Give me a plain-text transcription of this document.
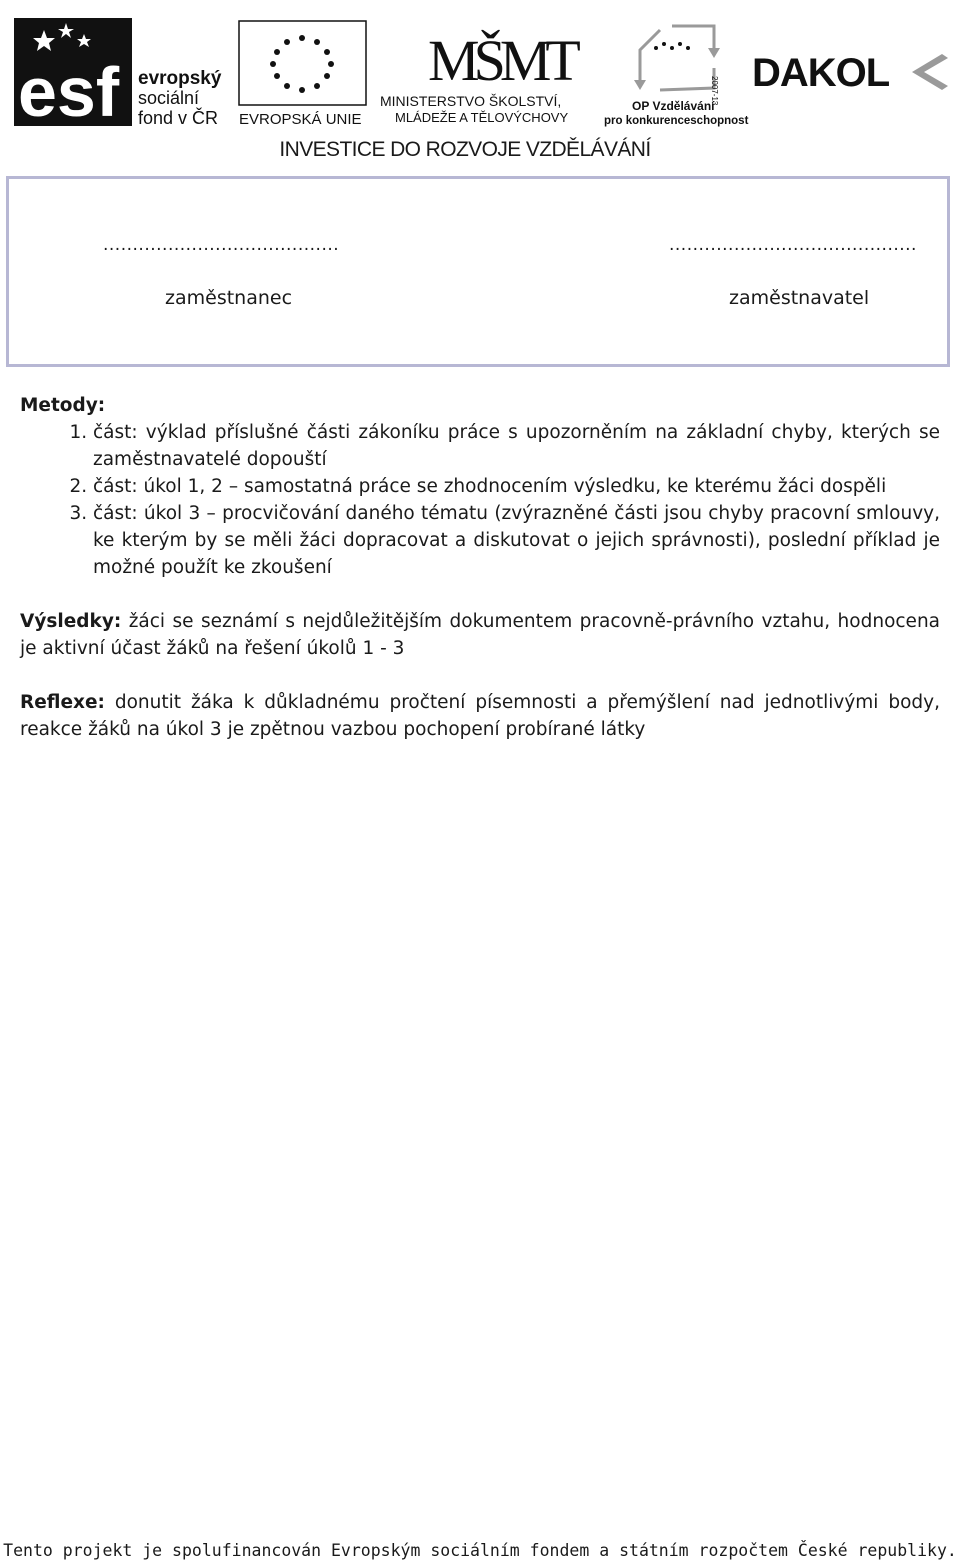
esf evropský
sociální
fond v ČR EVROPSKÁ UNIE
MŠMT
MINISTERSTVO ŠKOLSTVÍ,
MLÁDEŽE A TĚLOVÝCHOVY
2007-13
OP Vzdělávání
pro konkurenceschopnost
DAKOL
INVESTICE DO ROZVOJE VZDĚLÁVÁNÍ
........................................
zaměstnanec
..........................................
zaměstnavatel

Metody:

1. část: výklad příslušné části zákoníku práce s upozorněním na základní chyby, kterých se zaměstnavatelé dopouští
2. část: úkol 1, 2 – samostatná práce se zhodnocením výsledku, ke kterému žáci dospěli
3. část: úkol 3 – procvičování daného tématu (zvýrazněné části jsou chyby pracovní smlouvy, ke kterým by se měli žáci dopracovat a diskutovat o jejich správnosti), poslední příklad je možné použít ke zkoušení

Výsledky: žáci se seznámí s nejdůležitějším dokumentem pracovně-právního vztahu, hodnocena je aktivní účast žáků na řešení úkolů 1 - 3

Reflexe: donutit žáka k důkladnému pročtení písemnosti a přemýšlení nad jednotlivými body, reakce žáků na úkol 3 je zpětnou vazbou pochopení probírané látky

Tento projekt je spolufinancován Evropským sociálním fondem a státním rozpočtem České republiky.
